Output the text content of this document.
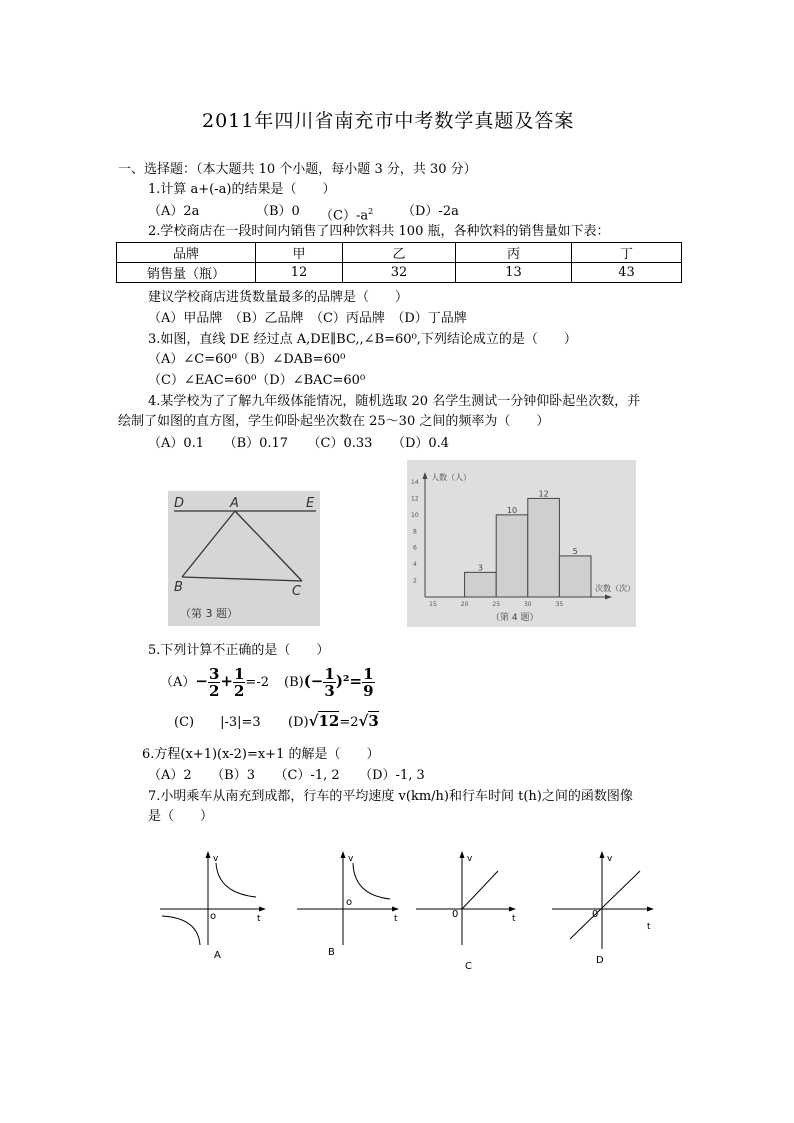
2011年四川省南充市中考数学真题及答案
一、选择题：（本大题共 10 个小题，每小题 3 分，共 30 分）
1.计算 a+(-a)的结果是（　　）
（A）2a	（B）0 $(C)-a^2$ （D）-2a
2.学校商店在一段时间内销售了四种饮料共 100 瓶，各种饮料的销售量如下表：
品牌	甲	乙	丙	丁
销售量（瓶）	12	32	13	43
建议学校商店进货数量最多的品牌是（　　）
（A）甲品牌　（B）乙品牌　（C）丙品牌　（D）丁品牌
3.如图，直线 DE 经过点 A,DE∥BC,,∠B=60⁰,下列结论成立的是（　　）
（A）∠C=60⁰（B）∠DAB=60⁰
（C）∠EAC=60⁰（D）∠BAC=60⁰
4.某学校为了了解九年级体能情况，随机选取 20 名学生测试一分钟仰卧起坐次数，并
绘制了如图的直方图，学生仰卧起坐次数在 25～30 之间的频率为（　　）
（A）0.1　　（B）0.17　　（C）0.33　　（D）0.4
D	A	E
B	C
（第 3 题）
人数（人）
次数（次）
14
12
10
8
6
4
2
15	20	25	30	35
3
10
12
5
（第 4 题）
5.下列计算不正确的是（　　）
$(A)- \frac{3}{2} + \frac{1}{2} =-2$ $(B)(- \frac{1}{3} )^2= \frac{1}{9}$
(C)　　|-3|=3 (D)√12=2√3
6.方程(x+1)(x-2)=x+1 的解是（　　）
（A）2　　（B）3　　（C）-1, 2　　（D）-1, 3
7.小明乘车从南充到成都，行车的平均速度 v(km/h)和行车时间 t(h)之间的函数图像
是（　　）
v
o	t
A
v
o
t
B
v
0	t
C
v
0
t
D
